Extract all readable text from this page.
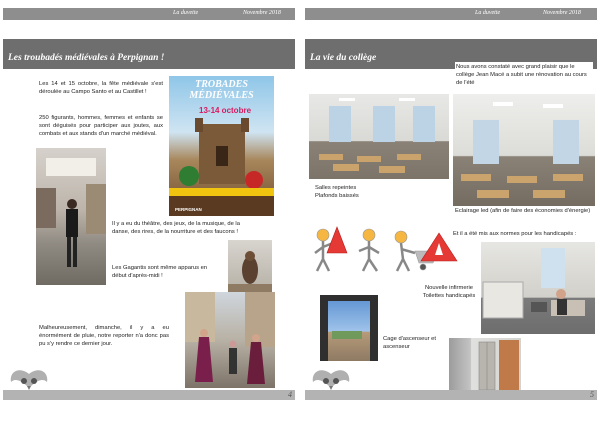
La duvette	Novembre 2018
Les troubadés médiévales à Perpignan !
Les 14 et 15 octobre, la fête médiévale s'est déroulée au Campo Santo et au Castillet !
250 figurants, hommes, femmes et enfants se sont déguisés pour participer aux joutes, aux combats et aux stands d'un marché médiéval.
TROBADES
MÉDIÉVALES
13-14 octobre
PERPIGNAN
Il y a eu du théâtre, des jeux, de la musique, de la danse, des rires, de la nourriture et des faucons !
Les Gagantis sont même apparus en début d'après-midi !
Malheureusement, dimanche, il y a eu énormément de pluie, notre reporter n'a donc pas pu s'y rendre ce dernier jour.
4
La duvette	Novembre 2018
La vie du collège
Nous avons constaté avec grand plaisir que le collège Jean Macé a subit une rénovation au cours de l'été
Salles repeintes
Plafonds baissés
Eclairage led (afin de faire des économies d'énergie)
Et il a été mis aux normes pour les handicapés :
Nouvelle infirmerie
Toilettes handicapés
Cage d'ascenseur et ascenseur
5
